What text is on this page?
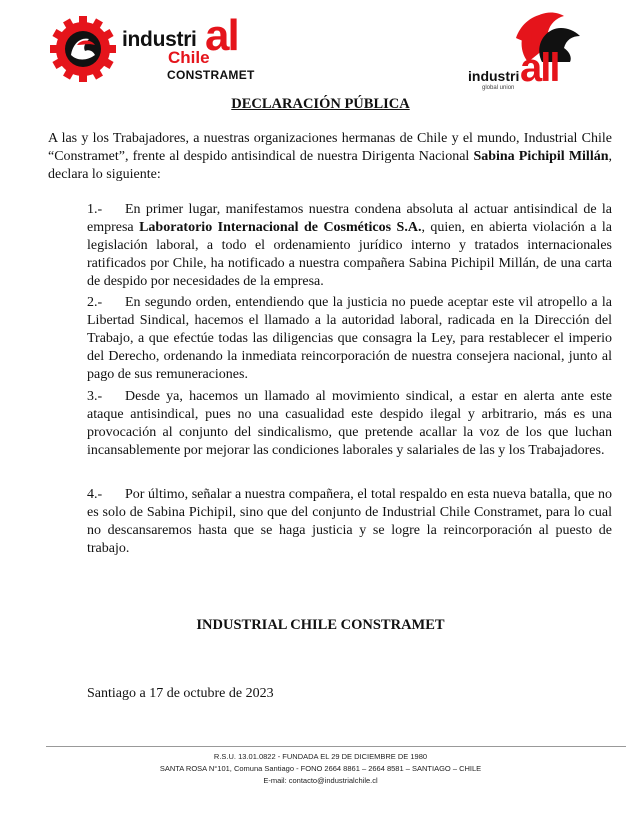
industri al
Chile
CONSTRAMET	industri all
global union
DECLARACIÓN PÚBLICA

A las y los Trabajadores, a nuestras organizaciones hermanas de Chile y el mundo, Industrial Chile “Constramet”, frente al despido antisindical de nuestra Dirigenta Nacional Sabina Pichipil Millán, declara lo siguiente:

1.- En primer lugar, manifestamos nuestra condena absoluta al actuar antisindical de la empresa Laboratorio Internacional de Cosméticos S.A., quien, en abierta violación a la legislación laboral, a todo el ordenamiento jurídico interno y tratados internacionales ratificados por Chile, ha notificado a nuestra compañera Sabina Pichipil Millán, de una carta de despido por necesidades de la empresa.

2.- En segundo orden, entendiendo que la justicia no puede aceptar este vil atropello a la Libertad Sindical, hacemos el llamado a la autoridad laboral, radicada en la Dirección del Trabajo, a que efectúe todas las diligencias que consagra la Ley, para restablecer el imperio del Derecho, ordenando la inmediata reincorporación de nuestra consejera nacional, junto al pago de sus remuneraciones.

3.- Desde ya, hacemos un llamado al movimiento sindical, a estar en alerta ante este ataque antisindical, pues no una casualidad este despido ilegal y arbitrario, más es una provocación al conjunto del sindicalismo, que pretende acallar la voz de los que luchan incansablemente por mejorar las condiciones laborales y salariales de las y los Trabajadores.

4.- Por último, señalar a nuestra compañera, el total respaldo en esta nueva batalla, que no es solo de Sabina Pichipil, sino que del conjunto de Industrial Chile Constramet, para lo cual no descansaremos hasta que se haga justicia y se logre la reincorporación al puesto de trabajo.

INDUSTRIAL CHILE CONSTRAMET
Santiago a 17 de octubre de 2023
R.S.U. 13.01.0822 - FUNDADA EL 29 DE DICIEMBRE DE 1980
SANTA ROSA N°101, Comuna Santiago - FONO 2664 8861 – 2664 8581 – SANTIAGO – CHILE
E-mail: contacto@industrialchile.cl
